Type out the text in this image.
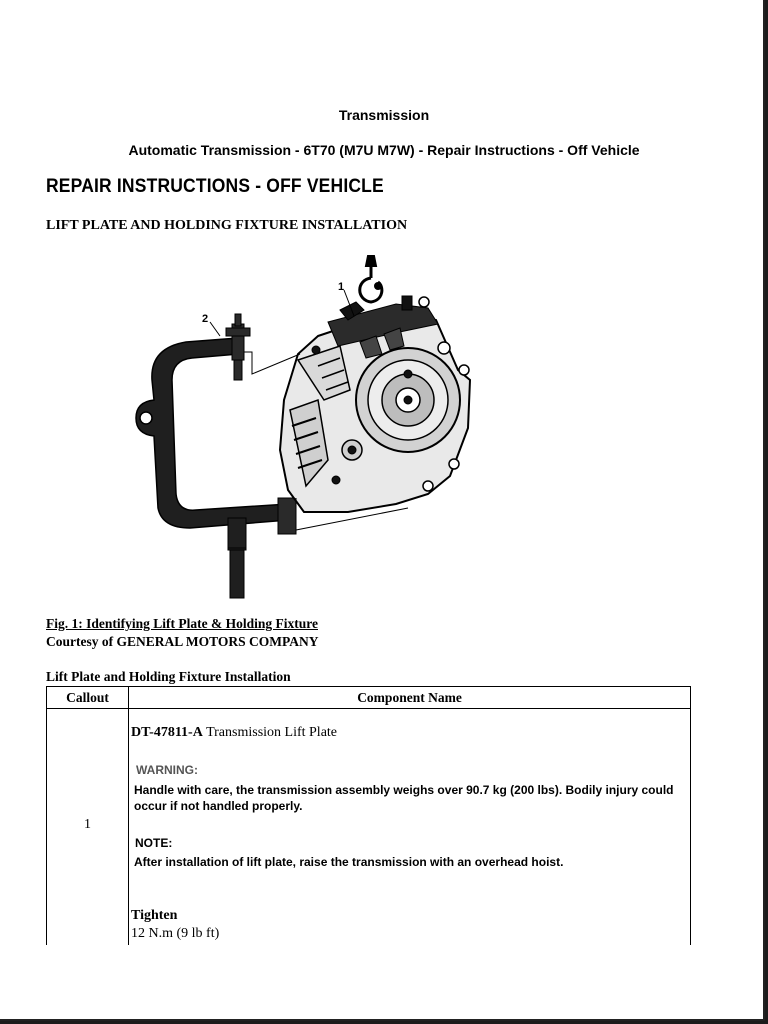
Transmission
Automatic Transmission - 6T70 (M7U M7W) - Repair Instructions - Off Vehicle
REPAIR INSTRUCTIONS - OFF VEHICLE
LIFT PLATE AND HOLDING FIXTURE INSTALLATION
1
2
Fig. 1: Identifying Lift Plate & Holding Fixture
Courtesy of GENERAL MOTORS COMPANY
Lift Plate and Holding Fixture Installation
Callout	Component Name
1
DT-47811-A Transmission Lift Plate
WARNING:
Handle with care, the transmission assembly weighs over 90.7 kg (200 lbs). Bodily injury could occur if not handled properly.
NOTE:
After installation of lift plate, raise the transmission with an overhead hoist.
Tighten
12 N.m (9 lb ft)
